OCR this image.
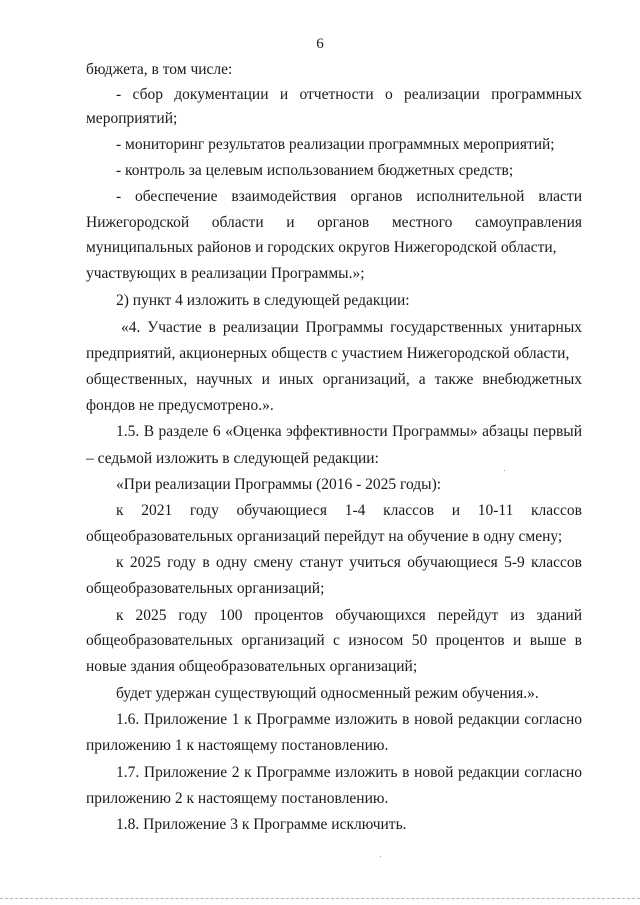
6
бюджета, в том числе:
- сбор документации и отчетности о реализации программных
мероприятий;
- мониторинг результатов реализации программных мероприятий;
- контроль за целевым использованием бюджетных средств;
- обеспечение взаимодействия органов исполнительной власти
Нижегородской области и органов местного самоуправления
муниципальных районов и городских округов Нижегородской области,
участвующих в реализации Программы.»;
2) пункт 4 изложить в следующей редакции:
«4. Участие в реализации Программы государственных унитарных
предприятий, акционерных обществ с участием Нижегородской области,
общественных, научных и иных организаций, а также внебюджетных
фондов не предусмотрено.».
1.5. В разделе 6 «Оценка эффективности Программы» абзацы первый
– седьмой изложить в следующей редакции:
«При реализации Программы (2016 - 2025 годы):
к 2021 году обучающиеся 1-4 классов и 10-11 классов
общеобразовательных организаций перейдут на обучение в одну смену;
к 2025 году в одну смену станут учиться обучающиеся 5-9 классов
общеобразовательных организаций;
к 2025 году 100 процентов обучающихся перейдут из зданий
общеобразовательных организаций с износом 50 процентов и выше в
новые здания общеобразовательных организаций;
будет удержан существующий односменный режим обучения.».
1.6. Приложение 1 к Программе изложить в новой редакции согласно
приложению 1 к настоящему постановлению.
1.7. Приложение 2 к Программе изложить в новой редакции согласно
приложению 2 к настоящему постановлению.
1.8. Приложение 3 к Программе исключить.
